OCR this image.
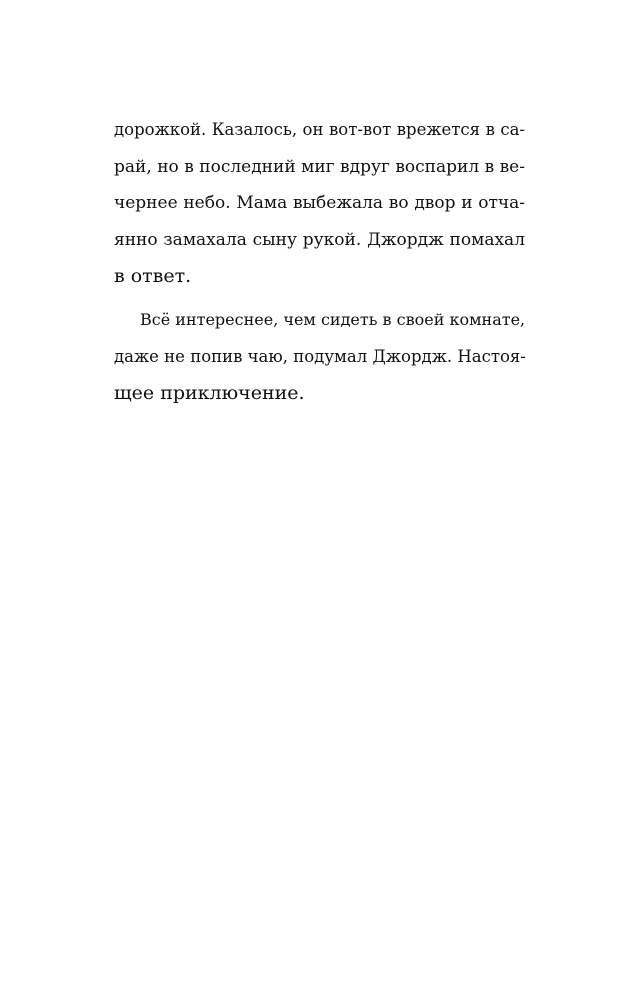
дорожкой. Казалось, он вот-вот врежется в са-
рай, но в последний миг вдруг воспарил в ве-
чернее небо. Мама выбежала во двор и отча-
янно замахала сыну рукой. Джордж помахал
в ответ.
Всё интереснее, чем сидеть в своей комнате,
даже не попив чаю, подумал Джордж. Настоя-
щее приключение.
